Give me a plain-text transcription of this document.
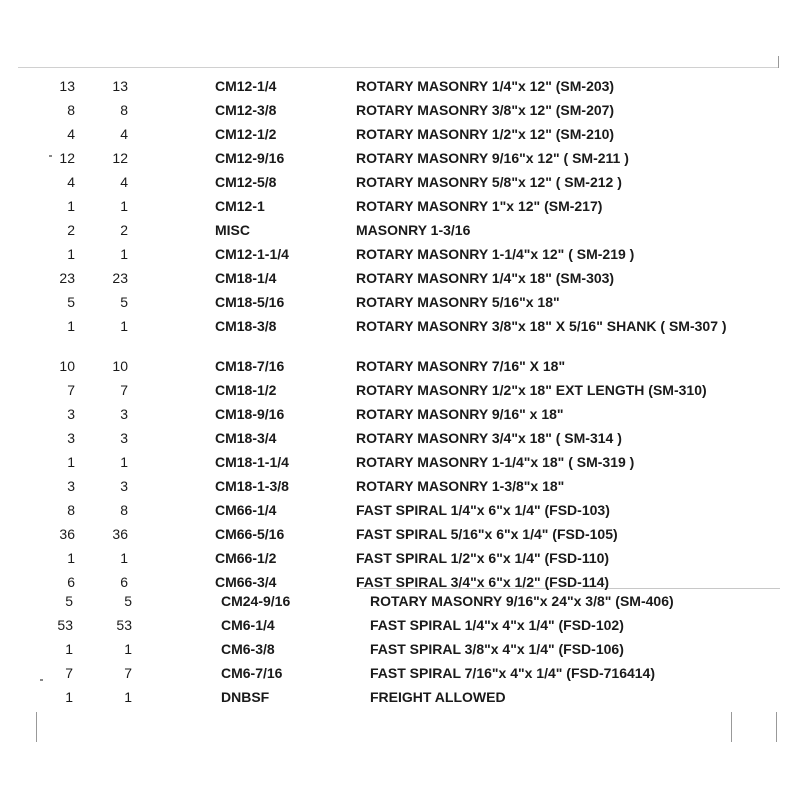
13	13	CM12-1/4	ROTARY MASONRY 1/4"x 12" (SM-203)
8	8	CM12-3/8	ROTARY MASONRY 3/8"x 12" (SM-207)
4	4	CM12-1/2	ROTARY MASONRY 1/2"x 12" (SM-210)
12	12	CM12-9/16	ROTARY MASONRY 9/16"x 12" ( SM-211 )
4	4	CM12-5/8	ROTARY MASONRY 5/8"x 12" ( SM-212 )
1	1	CM12-1	ROTARY MASONRY 1"x 12" (SM-217)
2	2	MISC	MASONRY 1-3/16
1	1	CM12-1-1/4	ROTARY MASONRY 1-1/4"x 12" ( SM-219 )
23	23	CM18-1/4	ROTARY MASONRY 1/4"x 18" (SM-303)
5	5	CM18-5/16	ROTARY MASONRY 5/16"x 18"
1	1	CM18-3/8	ROTARY MASONRY 3/8"x 18" X 5/16" SHANK ( SM-307 )
10	10	CM18-7/16	ROTARY MASONRY 7/16" X 18"
7	7	CM18-1/2	ROTARY MASONRY 1/2"x 18" EXT LENGTH (SM-310)
3	3	CM18-9/16	ROTARY MASONRY 9/16" x 18"
3	3	CM18-3/4	ROTARY MASONRY 3/4"x 18" ( SM-314 )
1	1	CM18-1-1/4	ROTARY MASONRY 1-1/4"x 18" ( SM-319 )
3	3	CM18-1-3/8	ROTARY MASONRY 1-3/8"x 18"
8	8	CM66-1/4	FAST SPIRAL 1/4"x 6"x 1/4" (FSD-103)
36	36	CM66-5/16	FAST SPIRAL 5/16"x 6"x 1/4" (FSD-105)
1	1	CM66-1/2	FAST SPIRAL 1/2"x 6"x 1/4" (FSD-110)
6	6	CM66-3/4	FAST SPIRAL 3/4"x 6"x 1/2" (FSD-114)
5	5	CM24-9/16	ROTARY MASONRY 9/16"x 24"x 3/8" (SM-406)
53	53	CM6-1/4	FAST SPIRAL 1/4"x 4"x 1/4" (FSD-102)
1	1	CM6-3/8	FAST SPIRAL 3/8"x 4"x 1/4" (FSD-106)
7	7	CM6-7/16	FAST SPIRAL 7/16"x 4"x 1/4" (FSD-716414)
1	1	DNBSF	FREIGHT ALLOWED
